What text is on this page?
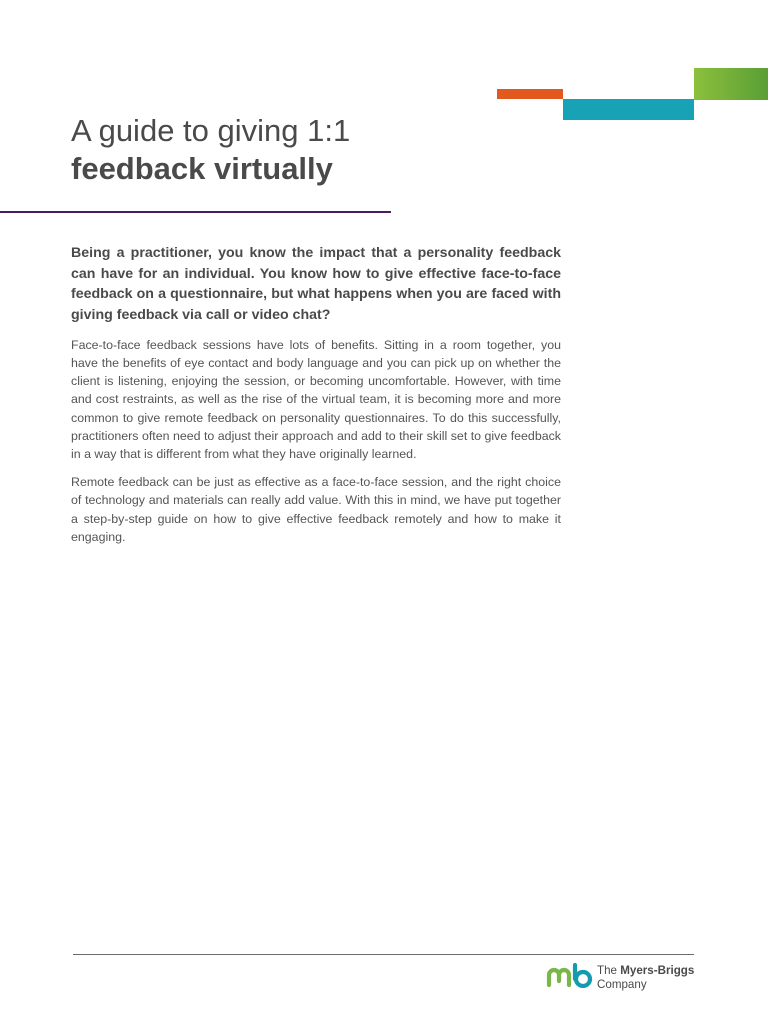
A guide to giving 1:1
feedback virtually

Being a practitioner, you know the impact that a personality feedback can have for an individual. You know how to give effective face-to-face feedback on a questionnaire, but what happens when you are faced with giving feedback via call or video chat?

Face-to-face feedback sessions have lots of benefits. Sitting in a room together, you have the benefits of eye contact and body language and you can pick up on whether the client is listening, enjoying the session, or becoming uncomfortable. However, with time and cost restraints, as well as the rise of the virtual team, it is becoming more and more common to give remote feedback on personality questionnaires. To do this successfully, practitioners often need to adjust their approach and add to their skill set to give feedback in a way that is different from what they have originally learned.

Remote feedback can be just as effective as a face-to-face session, and the right choice of technology and materials can really add value. With this in mind, we have put together a step-by-step guide on how to give effective feedback remotely and how to make it engaging.

The Myers-Briggs
Company
